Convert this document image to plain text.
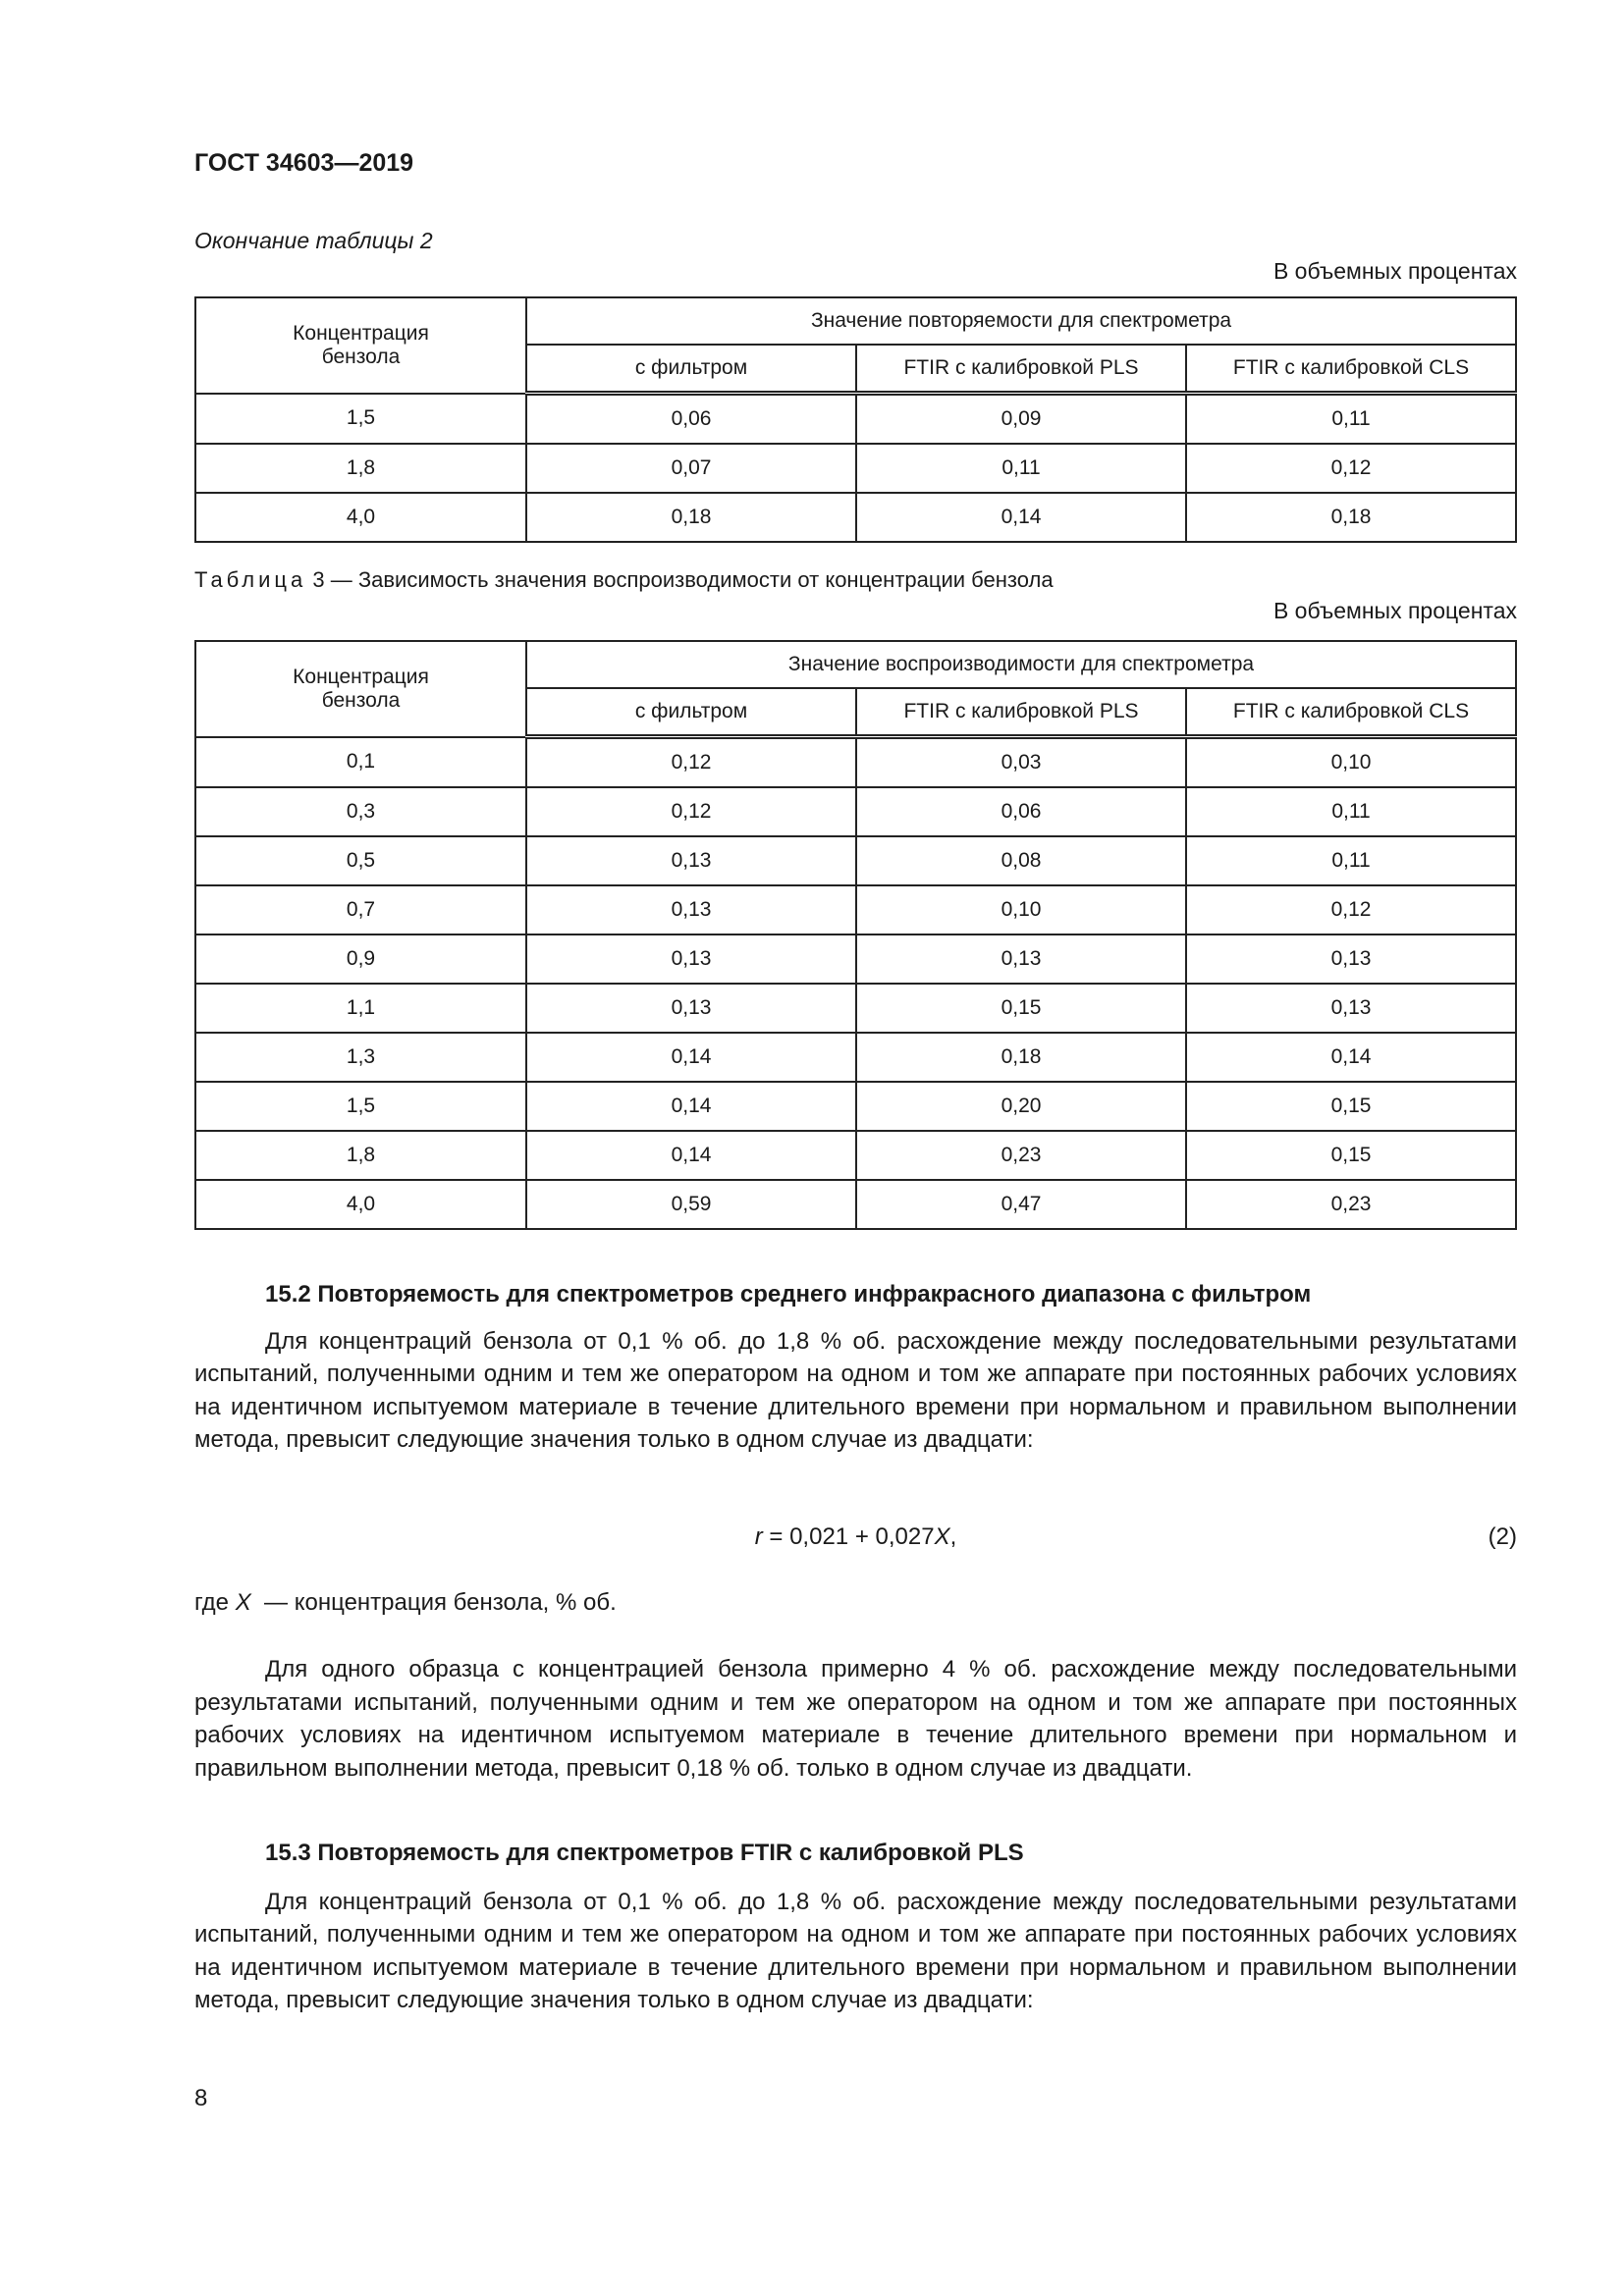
ГОСТ 34603—2019
Окончание таблицы 2
В объемных процентах
Концентрация бензола	Значение повторяемости для спектрометра		
	с фильтром	FTIR с калибровкой PLS	FTIR с калибровкой CLS
1,5	0,06	0,09	0,11
1,8	0,07	0,11	0,12
4,0	0,18	0,14	0,18
Таблица 3 — Зависимость значения воспроизводимости от концентрации бензола
В объемных процентах
Концентрация бензола	Значение воспроизводимости для спектрометра		
	с фильтром	FTIR с калибровкой PLS	FTIR с калибровкой CLS
0,1	0,12	0,03	0,10
0,3	0,12	0,06	0,11
0,5	0,13	0,08	0,11
0,7	0,13	0,10	0,12
0,9	0,13	0,13	0,13
1,1	0,13	0,15	0,13
1,3	0,14	0,18	0,14
1,5	0,14	0,20	0,15
1,8	0,14	0,23	0,15
4,0	0,59	0,47	0,23

15.2 Повторяемость для спектрометров среднего инфракрасного диапазона с фильтром

Для концентраций бензола от 0,1 % об. до 1,8 % об. расхождение между последовательными результатами испытаний, полученными одним и тем же оператором на одном и том же аппарате при постоянных рабочих условиях на идентичном испытуемом материале в течение длительного времени при нормальном и правильном выполнении метода, превысит следующие значения только в одном случае из двадцати:

r = 0,021 + 0,027X,	(2)
где X  — концентрация бензола, % об.

Для одного образца с концентрацией бензола примерно 4 % об. расхождение между последовательными результатами испытаний, полученными одним и тем же оператором на одном и том же аппарате при постоянных рабочих условиях на идентичном испытуемом материале в течение длительного времени при нормальном и правильном выполнении метода, превысит 0,18 % об. только в одном случае из двадцати.

15.3 Повторяемость для спектрометров FTIR с калибровкой PLS

Для концентраций бензола от 0,1 % об. до 1,8 % об. расхождение между последовательными результатами испытаний, полученными одним и тем же оператором на одном и том же аппарате при постоянных рабочих условиях на идентичном испытуемом материале в течение длительного времени при нормальном и правильном выполнении метода, превысит следующие значения только в одном случае из двадцати:

8
